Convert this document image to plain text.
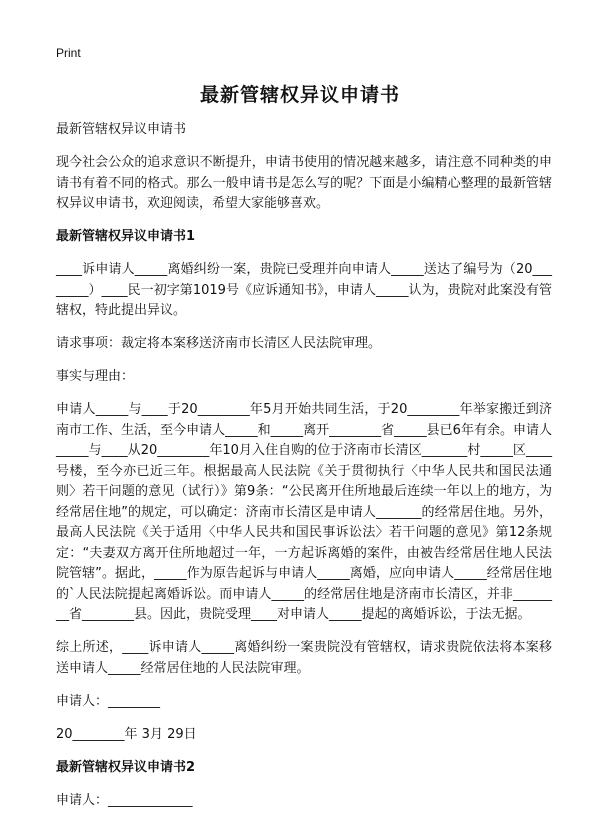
Print
最新管辖权异议申请书

最新管辖权异议申请书

现今社会公众的追求意识不断提升，申请书使用的情况越来越多，请注意不同种类的申请书有着不同的格式。那么一般申请书是怎么写的呢？下面是小编精心整理的最新管辖权异议申请书，欢迎阅读，希望大家能够喜欢。

最新管辖权异议申请书1

____诉申请人_____离婚纠纷一案，贵院已受理并向申请人_____送达了编号为（20________）____民一初字第1019号《应诉通知书》，申请人_____认为，贵院对此案没有管辖权，特此提出异议。

请求事项：裁定将本案移送济南市长清区人民法院审理。

事实与理由：

申请人_____与____于20________年5月开始共同生活，于20________年举家搬迁到济南市工作、生活，至今申请人_____和_____离开________省_____县已6年有余。申请人_____与____从20________年10月入住自购的位于济南市长清区_______村_____区____号楼，至今亦已近三年。根据最高人民法院《关于贯彻执行〈中华人民共和国民法通则〉若干问题的意见（试行）》第9条：“公民离开住所地最后连续一年以上的地方，为经常居住地”的规定，可以确定：济南市长清区是申请人_______的经常居住地。另外，最高人民法院《关于适用〈中华人民共和国民事诉讼法〉若干问题的意见》第12条规定：“夫妻双方离开住所地超过一年，一方起诉离婚的案件，由被告经常居住地人民法院管辖”。据此，_____作为原告起诉与申请人_____离婚，应向申请人_____经常居住地的`人民法院提起离婚诉讼。而申请人_____的经常居住地是济南市长清区，并非________省________县。因此，贵院受理____对申请人_____提起的离婚诉讼，于法无据。

综上所述，____诉申请人_____离婚纠纷一案贵院没有管辖权，请求贵院依法将本案移送申请人_____经常居住地的人民法院审理。

申请人：________

20________年 3月 29日

最新管辖权异议申请书2

申请人：_____________
